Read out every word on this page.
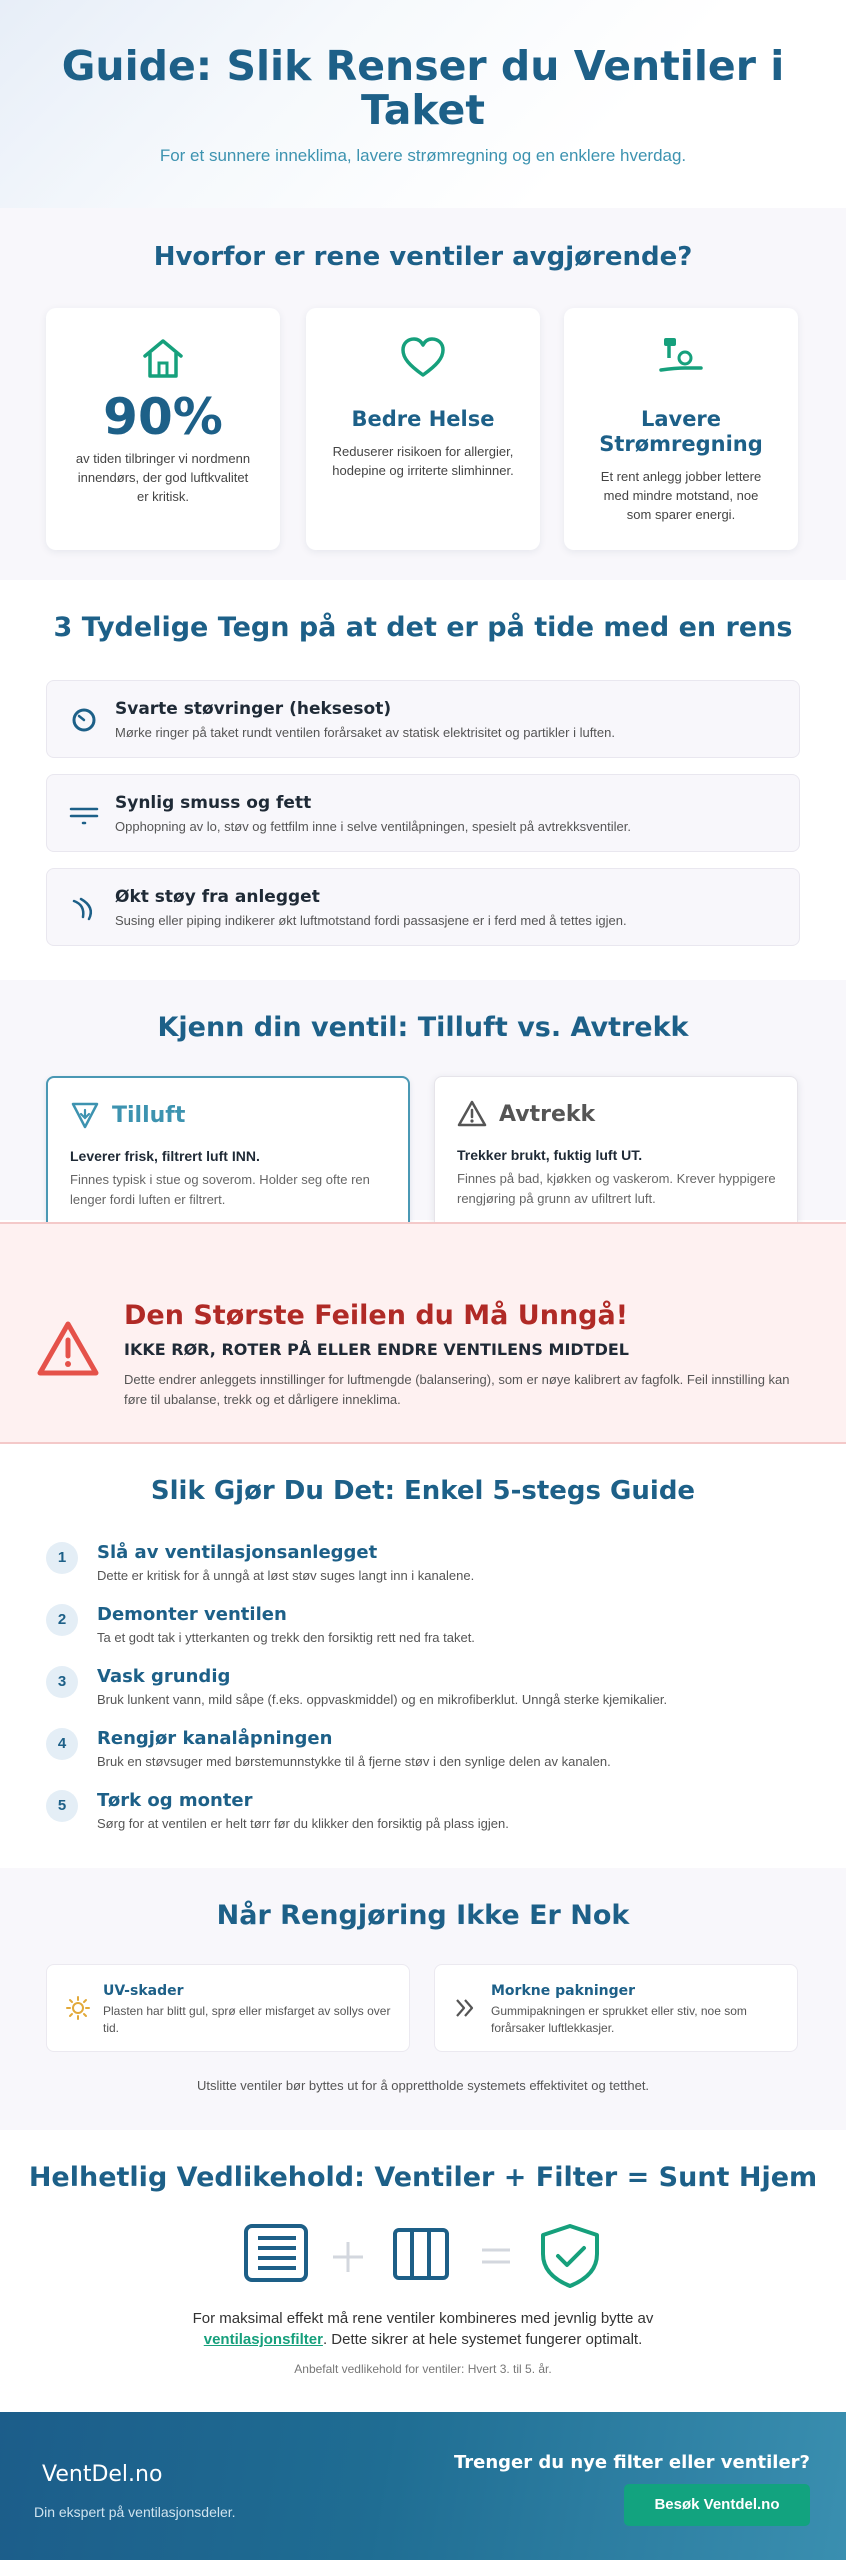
Guide: Slik Renser du Ventiler i Taket

For et sunnere inneklima, lavere strømregning og en enklere hverdag.

Hvorfor er rene ventiler avgjørende?
90%
av tiden tilbringer vi nordmenn innendørs, der god luftkvalitet er kritisk.
Bedre Helse
Reduserer risikoen for allergier, hodepine og irriterte slimhinner.
Lavere Strømregning
Et rent anlegg jobber lettere med mindre motstand, noe som sparer energi.
3 Tydelige Tegn på at det er på tide med en rens
Svarte støvringer (heksesot)
Mørke ringer på taket rundt ventilen forårsaket av statisk elektrisitet og partikler i luften.
Synlig smuss og fett
Opphopning av lo, støv og fettfilm inne i selve ventilåpningen, spesielt på avtrekksventiler.
Økt støy fra anlegget
Susing eller piping indikerer økt luftmotstand fordi passasjene er i ferd med å tettes igjen.
Kjenn din ventil: Tilluft vs. Avtrekk
Tilluft
Leverer frisk, filtrert luft INN.
Finnes typisk i stue og soverom. Holder seg ofte ren lenger fordi luften er filtrert.
Avtrekk
Trekker brukt, fuktig luft UT.
Finnes på bad, kjøkken og vaskerom. Krever hyppigere rengjøring på grunn av ufiltrert luft.
Den Største Feilen du Må Unngå!
IKKE RØR, ROTER PÅ ELLER ENDRE VENTILENS MIDTDEL
Dette endrer anleggets innstillinger for luftmengde (balansering), som er nøye kalibrert av fagfolk. Feil innstilling kan føre til ubalanse, trekk og et dårligere inneklima.
Slik Gjør Du Det: Enkel 5-stegs Guide
1	Slå av ventilasjonsanlegget
Dette er kritisk for å unngå at løst støv suges langt inn i kanalene.
2	Demonter ventilen
Ta et godt tak i ytterkanten og trekk den forsiktig rett ned fra taket.
3	Vask grundig
Bruk lunkent vann, mild såpe (f.eks. oppvaskmiddel) og en mikrofiberklut. Unngå sterke kjemikalier.
4	Rengjør kanalåpningen
Bruk en støvsuger med børstemunnstykke til å fjerne støv i den synlige delen av kanalen.
5	Tørk og monter
Sørg for at ventilen er helt tørr før du klikker den forsiktig på plass igjen.
Når Rengjøring Ikke Er Nok
UV-skader
Plasten har blitt gul, sprø eller misfarget av sollys over tid.
Morkne pakninger
Gummipakningen er sprukket eller stiv, noe som forårsaker luftlekkasjer.
Utslitte ventiler bør byttes ut for å opprettholde systemets effektivitet og tetthet.
Helhetlig Vedlikehold: Ventiler + Filter = Sunt Hjem
For maksimal effekt må rene ventiler kombineres med jevnlig bytte av
ventilasjonsfilter. Dette sikrer at hele systemet fungerer optimalt.
Anbefalt vedlikehold for ventiler: Hvert 3. til 5. år.
VentDel.no
Din ekspert på ventilasjonsdeler.
Trenger du nye filter eller ventiler?
Besøk Ventdel.no
